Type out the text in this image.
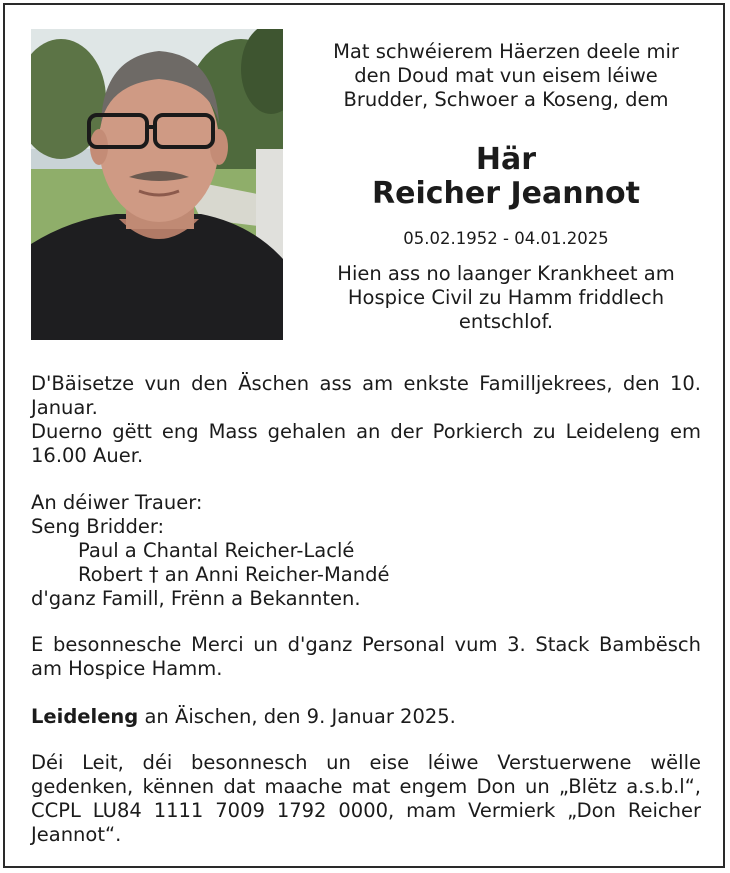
Mat schwéierem Häerzen deele mir
den Doud mat vun eisem léiwe
Brudder, Schwoer a Koseng, dem
Här
Reicher Jeannot
05.02.1952 - 04.01.2025
Hien ass no laanger Krankheet am
Hospice Civil zu Hamm friddlech
entschlof.
D'Bäisetze vun den Äschen ass am enkste Familljekrees, den 10. Januar.
Duerno gëtt eng Mass gehalen an der Porkierch zu Leideleng em 16.00 Auer.
An déiwer Trauer:
Seng Bridder:
Paul a Chantal Reicher-Laclé
Robert † an Anni Reicher-Mandé
d'ganz Famill, Frënn a Bekannten.
E besonnesche Merci un d'ganz Personal vum 3. Stack Bambësch am Hospice Hamm.
Leideleng an Äischen, den 9. Januar 2025.
Déi Leit, déi besonnesch un eise léiwe Verstuerwene wëlle gedenken, kënnen dat maache mat engem Don un „Blëtz a.s.b.l“, CCPL LU84 1111 7009 1792 0000, mam Vermierk „Don Reicher Jeannot“.
